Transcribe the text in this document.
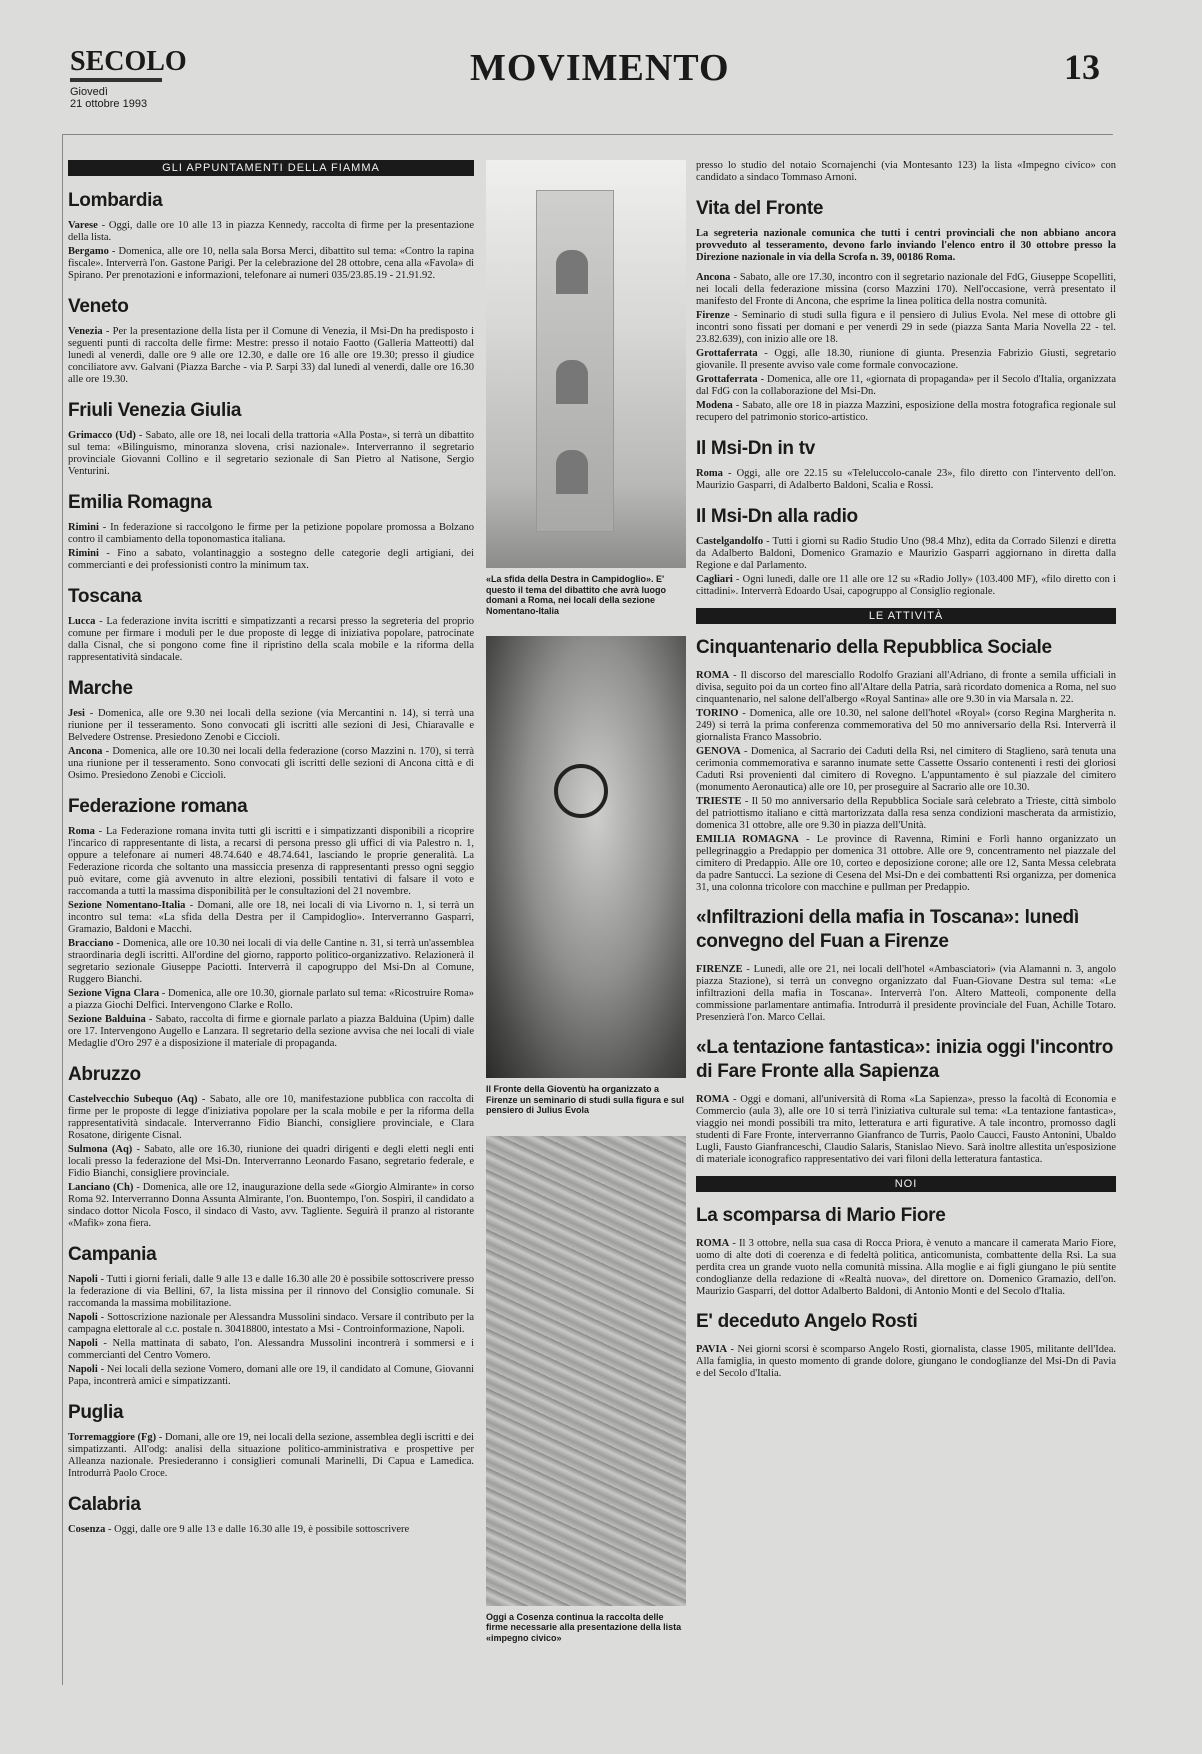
SECOLO
Giovedì
21 ottobre 1993
MOVIMENTO	13
GLI APPUNTAMENTI DELLA FIAMMA
Lombardia

Varese - Oggi, dalle ore 10 alle 13 in piazza Kennedy, raccolta di firme per la presentazione della lista.

Bergamo - Domenica, alle ore 10, nella sala Borsa Merci, dibattito sul tema: «Contro la rapina fiscale». Interverrà l'on. Gastone Parigi. Per la celebrazione del 28 ottobre, cena alla «Favola» di Spirano. Per prenotazioni e informazioni, telefonare ai numeri 035/23.85.19 - 21.91.92.

Veneto

Venezia - Per la presentazione della lista per il Comune di Venezia, il Msi-Dn ha predisposto i seguenti punti di raccolta delle firme: Mestre: presso il notaio Faotto (Galleria Matteotti) dal lunedì al venerdì, dalle ore 9 alle ore 12.30, e dalle ore 16 alle ore 19.30; presso il giudice conciliatore avv. Galvani (Piazza Barche - via P. Sarpi 33) dal lunedì al venerdì, dalle ore 16.30 alle ore 19.30.

Friuli Venezia Giulia

Grimacco (Ud) - Sabato, alle ore 18, nei locali della trattoria «Alla Posta», si terrà un dibattito sul tema: «Bilinguismo, minoranza slovena, crisi nazionale». Interverranno il segretario provinciale Giovanni Collino e il segretario sezionale di San Pietro al Natisone, Sergio Venturini.

Emilia Romagna

Rimini - In federazione si raccolgono le firme per la petizione popolare promossa a Bolzano contro il cambiamento della toponomastica italiana.

Rimini - Fino a sabato, volantinaggio a sostegno delle categorie degli artigiani, dei commercianti e dei professionisti contro la minimum tax.

Toscana

Lucca - La federazione invita iscritti e simpatizzanti a recarsi presso la segreteria del proprio comune per firmare i moduli per le due proposte di legge di iniziativa popolare, patrocinate dalla Cisnal, che si pongono come fine il ripristino della scala mobile e la riforma della rappresentatività sindacale.

Marche

Jesi - Domenica, alle ore 9.30 nei locali della sezione (via Mercantini n. 14), si terrà una riunione per il tesseramento. Sono convocati gli iscritti alle sezioni di Jesi, Chiaravalle e Belvedere Ostrense. Presiedono Zenobi e Ciccioli.

Ancona - Domenica, alle ore 10.30 nei locali della federazione (corso Mazzini n. 170), si terrà una riunione per il tesseramento. Sono convocati gli iscritti delle sezioni di Ancona città e di Osimo. Presiedono Zenobi e Ciccioli.

Federazione romana

Roma - La Federazione romana invita tutti gli iscritti e i simpatizzanti disponibili a ricoprire l'incarico di rappresentante di lista, a recarsi di persona presso gli uffici di via Palestro n. 1, oppure a telefonare ai numeri 48.74.640 e 48.74.641, lasciando le proprie generalità. La Federazione ricorda che soltanto una massiccia presenza di rappresentanti presso ogni seggio può evitare, come già avvenuto in altre elezioni, possibili tentativi di falsare il voto e raccomanda a tutti la massima disponibilità per le consultazioni del 21 novembre.

Sezione Nomentano-Italia - Domani, alle ore 18, nei locali di via Livorno n. 1, si terrà un incontro sul tema: «La sfida della Destra per il Campidoglio». Interverranno Gasparri, Gramazio, Baldoni e Macchi.

Bracciano - Domenica, alle ore 10.30 nei locali di via delle Cantine n. 31, si terrà un'assemblea straordinaria degli iscritti. All'ordine del giorno, rapporto politico-organizzativo. Relazionerà il segretario sezionale Giuseppe Paciotti. Interverrà il capogruppo del Msi-Dn al Comune, Ruggero Bianchi.

Sezione Vigna Clara - Domenica, alle ore 10.30, giornale parlato sul tema: «Ricostruire Roma» a piazza Giochi Delfici. Intervengono Clarke e Rollo.

Sezione Balduina - Sabato, raccolta di firme e giornale parlato a piazza Balduina (Upim) dalle ore 17. Intervengono Augello e Lanzara. Il segretario della sezione avvisa che nei locali di viale Medaglie d'Oro 297 è a disposizione il materiale di propaganda.

Abruzzo

Castelvecchio Subequo (Aq) - Sabato, alle ore 10, manifestazione pubblica con raccolta di firme per le proposte di legge d'iniziativa popolare per la scala mobile e per la riforma della rappresentatività sindacale. Interverranno Fidio Bianchi, consigliere provinciale, e Clara Rosatone, dirigente Cisnal.

Sulmona (Aq) - Sabato, alle ore 16.30, riunione dei quadri dirigenti e degli eletti negli enti locali presso la federazione del Msi-Dn. Interverranno Leonardo Fasano, segretario federale, e Fidio Bianchi, consigliere provinciale.

Lanciano (Ch) - Domenica, alle ore 12, inaugurazione della sede «Giorgio Almirante» in corso Roma 92. Interverranno Donna Assunta Almirante, l'on. Buontempo, l'on. Sospiri, il candidato a sindaco dottor Nicola Fosco, il sindaco di Vasto, avv. Tagliente. Seguirà il pranzo al ristorante «Mafik» zona fiera.

Campania

Napoli - Tutti i giorni feriali, dalle 9 alle 13 e dalle 16.30 alle 20 è possibile sottoscrivere presso la federazione di via Bellini, 67, la lista missina per il rinnovo del Consiglio comunale. Si raccomanda la massima mobilitazione.

Napoli - Sottoscrizione nazionale per Alessandra Mussolini sindaco. Versare il contributo per la campagna elettorale al c.c. postale n. 30418800, intestato a Msi - Controinformazione, Napoli.

Napoli - Nella mattinata di sabato, l'on. Alessandra Mussolini incontrerà i sommersi e i commercianti del Centro Vomero.

Napoli - Nei locali della sezione Vomero, domani alle ore 19, il candidato al Comune, Giovanni Papa, incontrerà amici e simpatizzanti.

Puglia

Torremaggiore (Fg) - Domani, alle ore 19, nei locali della sezione, assemblea degli iscritti e dei simpatizzanti. All'odg: analisi della situazione politico-amministrativa e prospettive per Alleanza nazionale. Presiederanno i consiglieri comunali Marinelli, Di Capua e Lamedica. Introdurrà Paolo Croce.

Calabria

Cosenza - Oggi, dalle ore 9 alle 13 e dalle 16.30 alle 19, è possibile sottoscrivere

«La sfida della Destra in Campidoglio». E' questo il tema del dibattito che avrà luogo domani a Roma, nei locali della sezione Nomentano-Italia
Il Fronte della Gioventù ha organizzato a Firenze un seminario di studi sulla figura e sul pensiero di Julius Evola
Oggi a Cosenza continua la raccolta delle firme necessarie alla presentazione della lista «impegno civico»

presso lo studio del notaio Scornajenchi (via Montesanto 123) la lista «Impegno civico» con candidato a sindaco Tommaso Arnoni.

Vita del Fronte

La segreteria nazionale comunica che tutti i centri provinciali che non abbiano ancora provveduto al tesseramento, devono farlo inviando l'elenco entro il 30 ottobre presso la Direzione nazionale in via della Scrofa n. 39, 00186 Roma.

Ancona - Sabato, alle ore 17.30, incontro con il segretario nazionale del FdG, Giuseppe Scopelliti, nei locali della federazione missina (corso Mazzini 170). Nell'occasione, verrà presentato il manifesto del Fronte di Ancona, che esprime la linea politica della nostra comunità.

Firenze - Seminario di studi sulla figura e il pensiero di Julius Evola. Nel mese di ottobre gli incontri sono fissati per domani e per venerdì 29 in sede (piazza Santa Maria Novella 22 - tel. 23.82.639), con inizio alle ore 18.

Grottaferrata - Oggi, alle 18.30, riunione di giunta. Presenzia Fabrizio Giusti, segretario giovanile. Il presente avviso vale come formale convocazione.

Grottaferrata - Domenica, alle ore 11, «giornata di propaganda» per il Secolo d'Italia, organizzata dal FdG con la collaborazione del Msi-Dn.

Modena - Sabato, alle ore 18 in piazza Mazzini, esposizione della mostra fotografica regionale sul recupero del patrimonio storico-artistico.

Il Msi-Dn in tv

Roma - Oggi, alle ore 22.15 su «Teleluccolo-canale 23», filo diretto con l'intervento dell'on. Maurizio Gasparri, di Adalberto Baldoni, Scalia e Rossi.

Il Msi-Dn alla radio

Castelgandolfo - Tutti i giorni su Radio Studio Uno (98.4 Mhz), edita da Corrado Silenzi e diretta da Adalberto Baldoni, Domenico Gramazio e Maurizio Gasparri aggiornano in diretta dalla Regione e dal Parlamento.

Cagliari - Ogni lunedì, dalle ore 11 alle ore 12 su «Radio Jolly» (103.400 MF), «filo diretto con i cittadini». Interverrà Edoardo Usai, capogruppo al Consiglio regionale.

LE ATTIVITÀ
Cinquantenario della Repubblica Sociale

ROMA - Il discorso del maresciallo Rodolfo Graziani all'Adriano, di fronte a semila ufficiali in divisa, seguito poi da un corteo fino all'Altare della Patria, sarà ricordato domenica a Roma, nel suo cinquantenario, nel salone dell'albergo «Royal Santina» alle ore 9.30 in via Marsala n. 22.

TORINO - Domenica, alle ore 10.30, nel salone dell'hotel «Royal» (corso Regina Margherita n. 249) si terrà la prima conferenza commemorativa del 50 mo anniversario della Rsi. Interverrà il giornalista Franco Massobrio.

GENOVA - Domenica, al Sacrario dei Caduti della Rsi, nel cimitero di Staglieno, sarà tenuta una cerimonia commemorativa e saranno inumate sette Cassette Ossario contenenti i resti dei gloriosi Caduti Rsi provenienti dal cimitero di Rovegno. L'appuntamento è sul piazzale del cimitero (monumento Aeronautica) alle ore 10, per proseguire al Sacrario alle ore 10.30.

TRIESTE - Il 50 mo anniversario della Repubblica Sociale sarà celebrato a Trieste, città simbolo del patriottismo italiano e città martorizzata dalla resa senza condizioni mascherata da armistizio, domenica 31 ottobre, alle ore 9.30 in piazza dell'Unità.

EMILIA ROMAGNA - Le province di Ravenna, Rimini e Forlì hanno organizzato un pellegrinaggio a Predappio per domenica 31 ottobre. Alle ore 9, concentramento nel piazzale del cimitero di Predappio. Alle ore 10, corteo e deposizione corone; alle ore 12, Santa Messa celebrata da padre Santucci. La sezione di Cesena del Msi-Dn e dei combattenti Rsi organizza, per domenica 31, una colonna tricolore con macchine e pullman per Predappio.

«Infiltrazioni della mafia in Toscana»: lunedì convegno del Fuan a Firenze

FIRENZE - Lunedì, alle ore 21, nei locali dell'hotel «Ambasciatori» (via Alamanni n. 3, angolo piazza Stazione), si terrà un convegno organizzato dal Fuan-Giovane Destra sul tema: «Le infiltrazioni della mafia in Toscana». Interverrà l'on. Altero Matteoli, componente della commissione parlamentare antimafia. Introdurrà il presidente provinciale del Fuan, Achille Totaro. Presenzierà l'on. Marco Cellai.

«La tentazione fantastica»: inizia oggi l'incontro di Fare Fronte alla Sapienza

ROMA - Oggi e domani, all'università di Roma «La Sapienza», presso la facoltà di Economia e Commercio (aula 3), alle ore 10 si terrà l'iniziativa culturale sul tema: «La tentazione fantastica», viaggio nei mondi possibili tra mito, letteratura e arti figurative. A tale incontro, promosso dagli studenti di Fare Fronte, interverranno Gianfranco de Turris, Paolo Caucci, Fausto Antonini, Ubaldo Lugli, Fausto Gianfranceschi, Claudio Salaris, Stanislao Nievo. Sarà inoltre allestita un'esposizione di materiale iconografico rappresentativo dei vari filoni della letteratura fantastica.

NOI
La scomparsa di Mario Fiore

ROMA - Il 3 ottobre, nella sua casa di Rocca Priora, è venuto a mancare il camerata Mario Fiore, uomo di alte doti di coerenza e di fedeltà politica, anticomunista, combattente della Rsi. La sua perdita crea un grande vuoto nella comunità missina. Alla moglie e ai figli giungano le più sentite condoglianze della redazione di «Realtà nuova», del direttore on. Domenico Gramazio, dell'on. Maurizio Gasparri, del dottor Adalberto Baldoni, di Antonio Monti e del Secolo d'Italia.

E' deceduto Angelo Rosti

PAVIA - Nei giorni scorsi è scomparso Angelo Rosti, giornalista, classe 1905, militante dell'Idea. Alla famiglia, in questo momento di grande dolore, giungano le condoglianze del Msi-Dn di Pavia e del Secolo d'Italia.
